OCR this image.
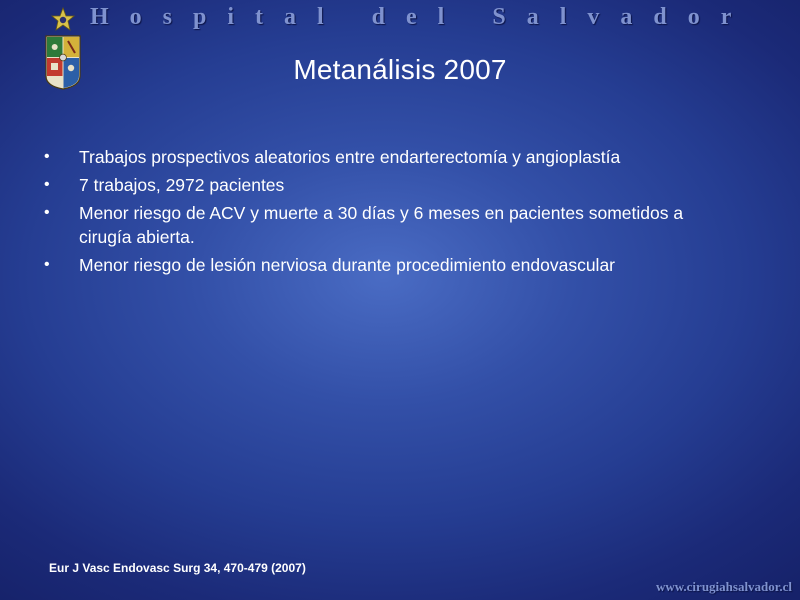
Hospital del Salvador
Metanálisis 2007
• Trabajos prospectivos aleatorios entre endarterectomía y angioplastía
• 7 trabajos, 2972 pacientes
• Menor riesgo de ACV y muerte a 30 días y 6 meses en pacientes sometidos a cirugía abierta.
• Menor riesgo de lesión nerviosa durante procedimiento endovascular
Eur J Vasc Endovasc Surg 34, 470-479 (2007)
www.cirugiahsalvador.cl
